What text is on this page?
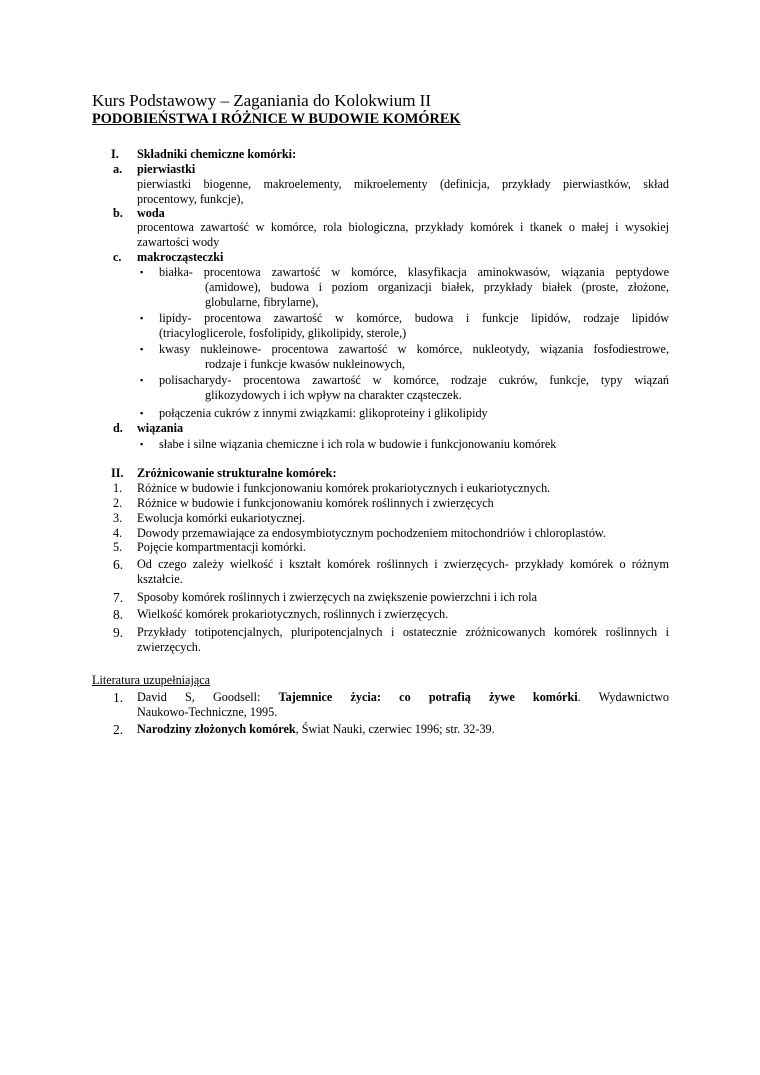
Kurs Podstawowy – Zaganiania do Kolokwium II
PODOBIEŃSTWA I RÓŻNICE W BUDOWIE KOMÓREK
I. Składniki chemiczne komórki:
a. pierwiastki
pierwiastki biogenne, makroelementy, mikroelementy (definicja, przykłady pierwiastków, skład
procentowy, funkcje),
b. woda
procentowa zawartość w komórce, rola biologiczna, przykłady komórek i tkanek o małej i wysokiej
zawartości wody
c. makrocząsteczki
▪ białka- procentowa zawartość w komórce, klasyfikacja aminokwasów, wiązania peptydowe
(amidowe), budowa i poziom organizacji białek, przykłady białek (proste, złożone,
globularne, fibrylarne),
▪ lipidy- procentowa zawartość w komórce, budowa i funkcje lipidów, rodzaje lipidów
(triacyloglicerole, fosfolipidy, glikolipidy, sterole,)
▪ kwasy nukleinowe- procentowa zawartość w komórce, nukleotydy, wiązania fosfodiestrowe,
rodzaje i funkcje kwasów nukleinowych,
▪ polisacharydy- procentowa zawartość w komórce, rodzaje cukrów, funkcje, typy wiązań
glikozydowych i ich wpływ na charakter cząsteczek.
▪ połączenia cukrów z innymi związkami: glikoproteiny i glikolipidy
d. wiązania
▪ słabe i silne wiązania chemiczne i ich rola w budowie i funkcjonowaniu komórek
II. Zróżnicowanie strukturalne komórek:
1. Różnice w budowie i funkcjonowaniu komórek prokariotycznych i eukariotycznych.
2. Różnice w budowie i funkcjonowaniu komórek roślinnych i zwierzęcych
3. Ewolucja komórki eukariotycznej.
4. Dowody przemawiające za endosymbiotycznym pochodzeniem mitochondriów i chloroplastów.
5. Pojęcie kompartmentacji komórki.
6. Od czego zależy wielkość i kształt komórek roślinnych i zwierzęcych- przykłady komórek o różnym
kształcie.
7. Sposoby komórek roślinnych i zwierzęcych na zwiększenie powierzchni i ich rola
8. Wielkość komórek prokariotycznych, roślinnych i zwierzęcych.
9. Przykłady totipotencjalnych, pluripotencjalnych i ostatecznie zróżnicowanych komórek roślinnych i
zwierzęcych.
Literatura uzupełniająca
1. David S, Goodsell: Tajemnice życia: co potrafią żywe komórki. Wydawnictwo
Naukowo-Techniczne, 1995.
2. Narodziny złożonych komórek, Świat Nauki, czerwiec 1996; str. 32-39.
